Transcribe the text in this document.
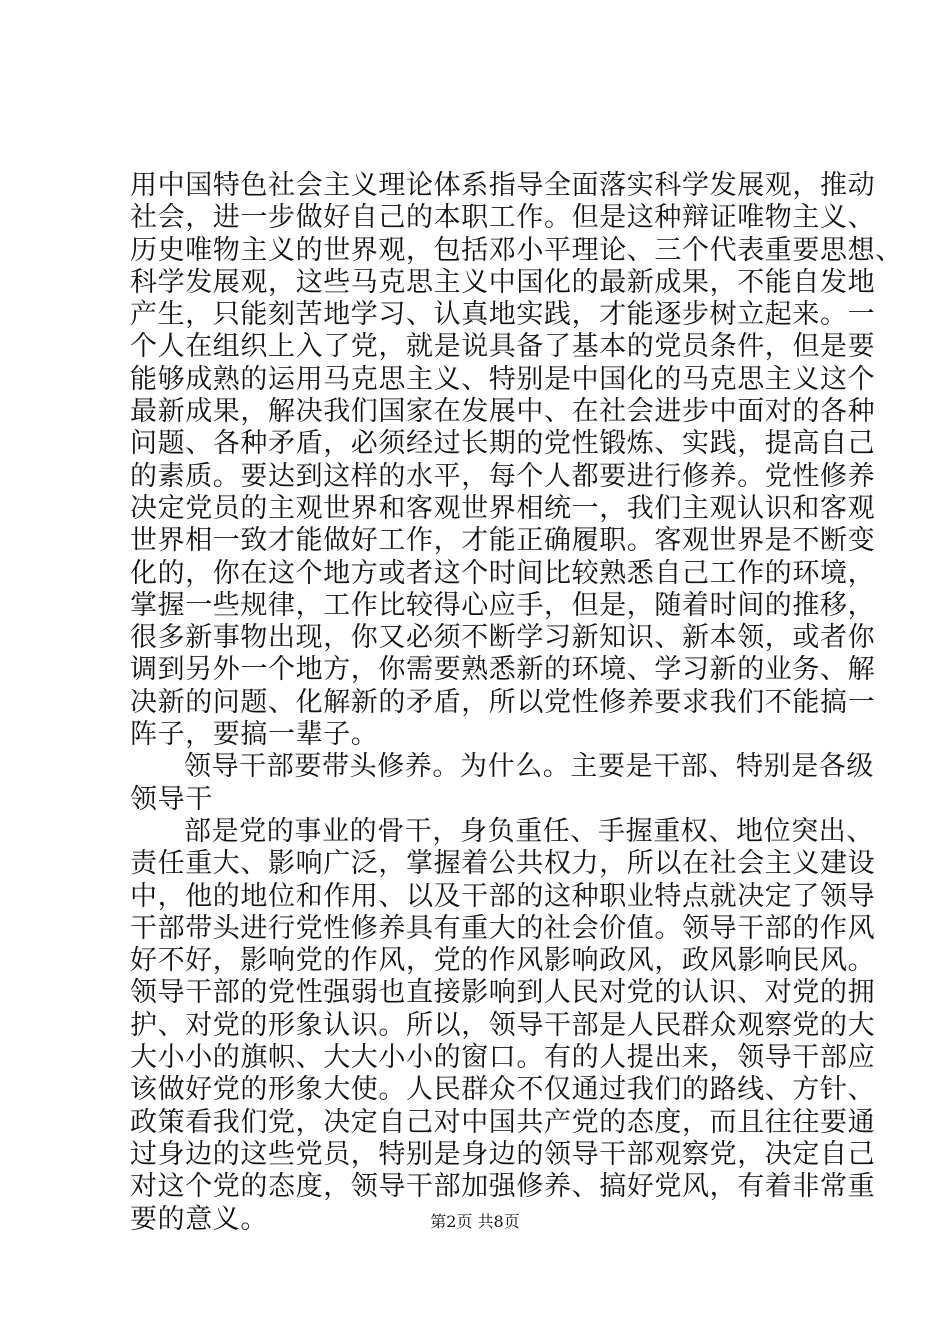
用中国特色社会主义理论体系指导全面落实科学发展观，推动
社会，进一步做好自己的本职工作。但是这种辩证唯物主义、
历史唯物主义的世界观，包括邓小平理论、三个代表重要思想、
科学发展观，这些马克思主义中国化的最新成果，不能自发地
产生，只能刻苦地学习、认真地实践，才能逐步树立起来。一
个人在组织上入了党，就是说具备了基本的党员条件，但是要
能够成熟的运用马克思主义、特别是中国化的马克思主义这个
最新成果，解决我们国家在发展中、在社会进步中面对的各种
问题、各种矛盾，必须经过长期的党性锻炼、实践，提高自己
的素质。要达到这样的水平，每个人都要进行修养。党性修养
决定党员的主观世界和客观世界相统一，我们主观认识和客观
世界相一致才能做好工作，才能正确履职。客观世界是不断变
化的，你在这个地方或者这个时间比较熟悉自己工作的环境，
掌握一些规律，工作比较得心应手，但是，随着时间的推移，
很多新事物出现，你又必须不断学习新知识、新本领，或者你
调到另外一个地方，你需要熟悉新的环境、学习新的业务、解
决新的问题、化解新的矛盾，所以党性修养要求我们不能搞一
阵子，要搞一辈子。
领导干部要带头修养。为什么。主要是干部、特别是各级
领导干
部是党的事业的骨干，身负重任、手握重权、地位突出、
责任重大、影响广泛，掌握着公共权力，所以在社会主义建设
中，他的地位和作用、以及干部的这种职业特点就决定了领导
干部带头进行党性修养具有重大的社会价值。领导干部的作风
好不好，影响党的作风，党的作风影响政风，政风影响民风。
领导干部的党性强弱也直接影响到人民对党的认识、对党的拥
护、对党的形象认识。所以，领导干部是人民群众观察党的大
大小小的旗帜、大大小小的窗口。有的人提出来，领导干部应
该做好党的形象大使。人民群众不仅通过我们的路线、方针、
政策看我们党，决定自己对中国共产党的态度，而且往往要通
过身边的这些党员，特别是身边的领导干部观察党，决定自己
对这个党的态度，领导干部加强修养、搞好党风，有着非常重
要的意义。	第2页 共8页
